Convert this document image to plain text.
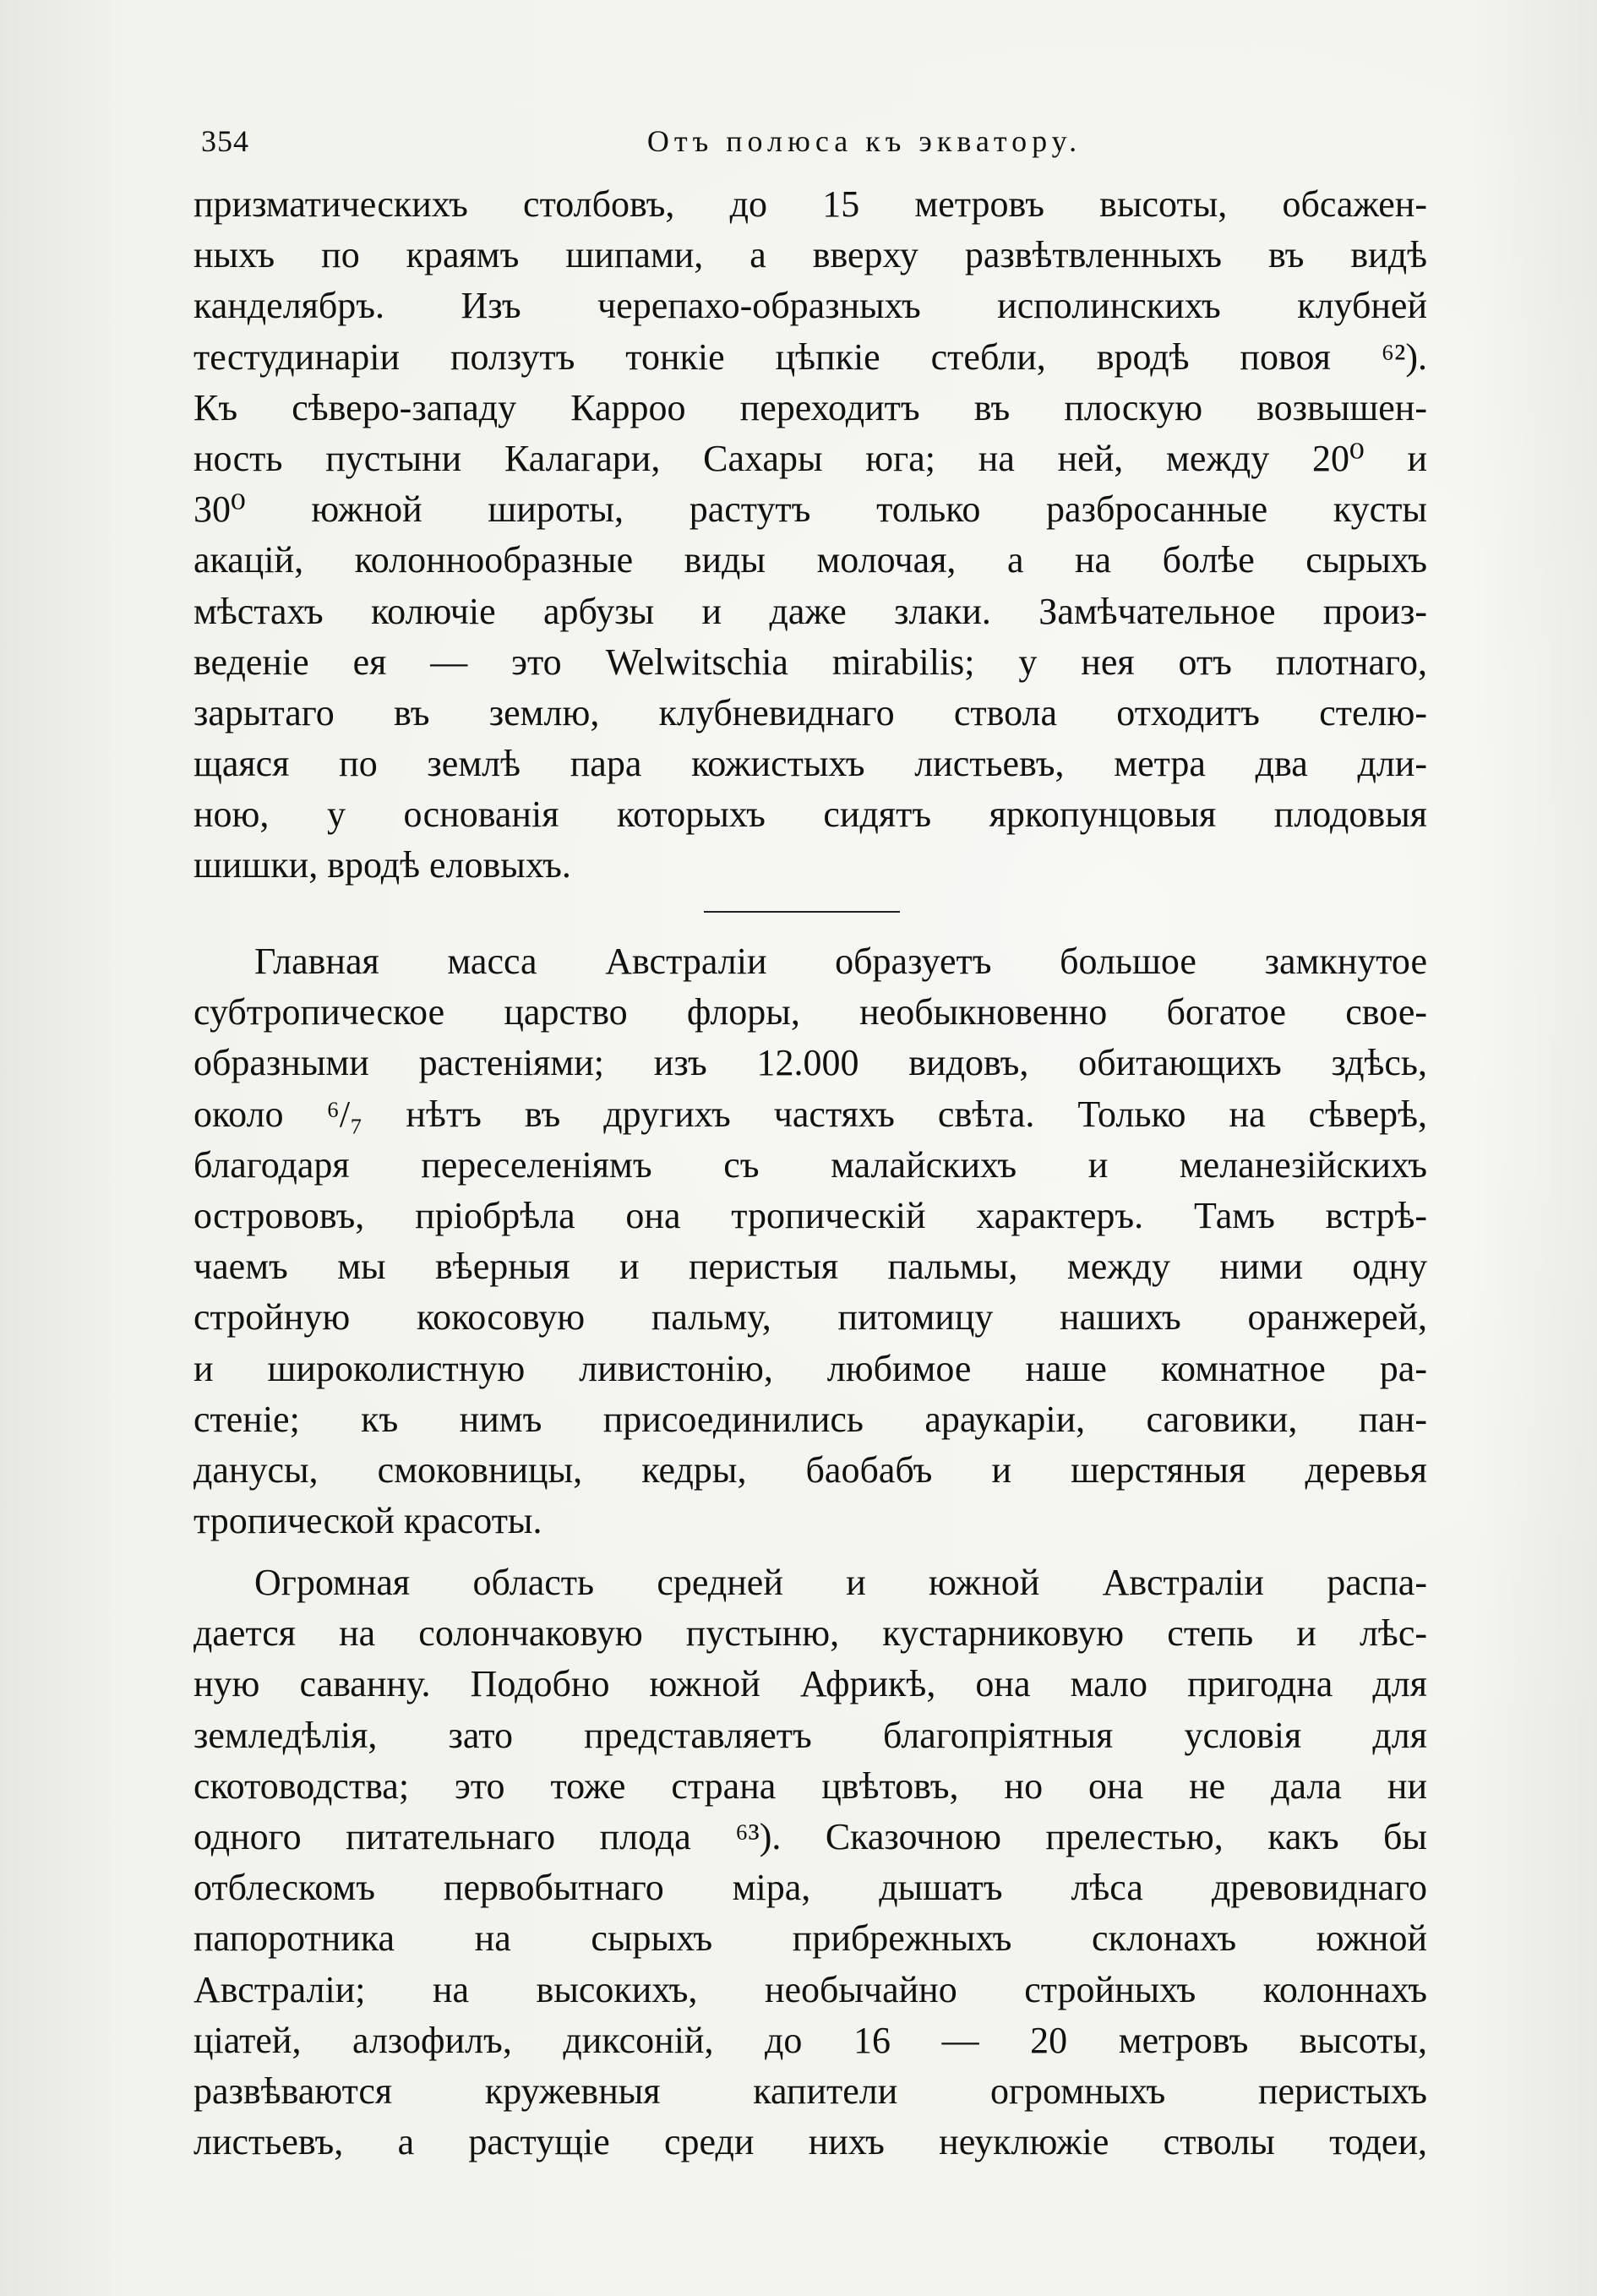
354	Отъ полюса къ экватору.
призматическихъ столбовъ, до 15 метровъ высоты, обсажен-
ныхъ по краямъ шипами, а вверху развѣтвленныхъ въ видѣ
канделябръ. Изъ черепахо-образныхъ исполинскихъ клубней
тестудинаріи ползутъ тонкіе цѣпкіе стебли, вродѣ повоя ⁶²).
Къ сѣверо-западу Карроо переходитъ въ плоскую возвышен-
ность пустыни Калагари, Сахары юга; на ней, между 20⁰ и
30⁰ южной широты, растутъ только разбросанные кусты
акацій, колоннообразные виды молочая, а на болѣе сырыхъ
мѣстахъ колючіе арбузы и даже злаки. Замѣчательное произ-
веденіе ея — это Welwitschia mirabilis; у нея отъ плотнаго,
зарытаго въ землю, клубневиднаго ствола отходитъ стелю-
щаяся по землѣ пара кожистыхъ листьевъ, метра два дли-
ною, у основанія которыхъ сидятъ яркопунцовыя плодовыя
шишки, вродѣ еловыхъ.
Главная масса Австраліи образуетъ большое замкнутое
субтропическое царство флоры, необыкновенно богатое свое-
образными растеніями; изъ 12.000 видовъ, обитающихъ здѣсь,
около ⁶/₇ нѣтъ въ другихъ частяхъ свѣта. Только на сѣверѣ,
благодаря переселеніямъ съ малайскихъ и меланезійскихъ
острововъ, пріобрѣла она тропическій характеръ. Тамъ встрѣ-
чаемъ мы вѣерныя и перистыя пальмы, между ними одну
стройную кокосовую пальму, питомицу нашихъ оранжерей,
и широколистную ливистонію, любимое наше комнатное ра-
стеніе; къ нимъ присоединились араукаріи, саговики, пан-
данусы, смоковницы, кедры, баобабъ и шерстяныя деревья
тропической красоты.
Огромная область средней и южной Австраліи распа-
дается на солончаковую пустыню, кустарниковую степь и лѣс-
ную саванну. Подобно южной Африкѣ, она мало пригодна для
земледѣлія, зато представляетъ благопріятныя условія для
скотоводства; это тоже страна цвѣтовъ, но она не дала ни
одного питательнаго плода ⁶³). Сказочною прелестью, какъ бы
отблескомъ первобытнаго міра, дышатъ лѣса древовиднаго
папоротника на сырыхъ прибрежныхъ склонахъ южной
Австраліи; на высокихъ, необычайно стройныхъ колоннахъ
ціатей, алзофилъ, диксоній, до 16 — 20 метровъ высоты,
развѣваются кружевныя капители огромныхъ перистыхъ
листьевъ, а растущіе среди нихъ неуклюжіе стволы тодеи,
